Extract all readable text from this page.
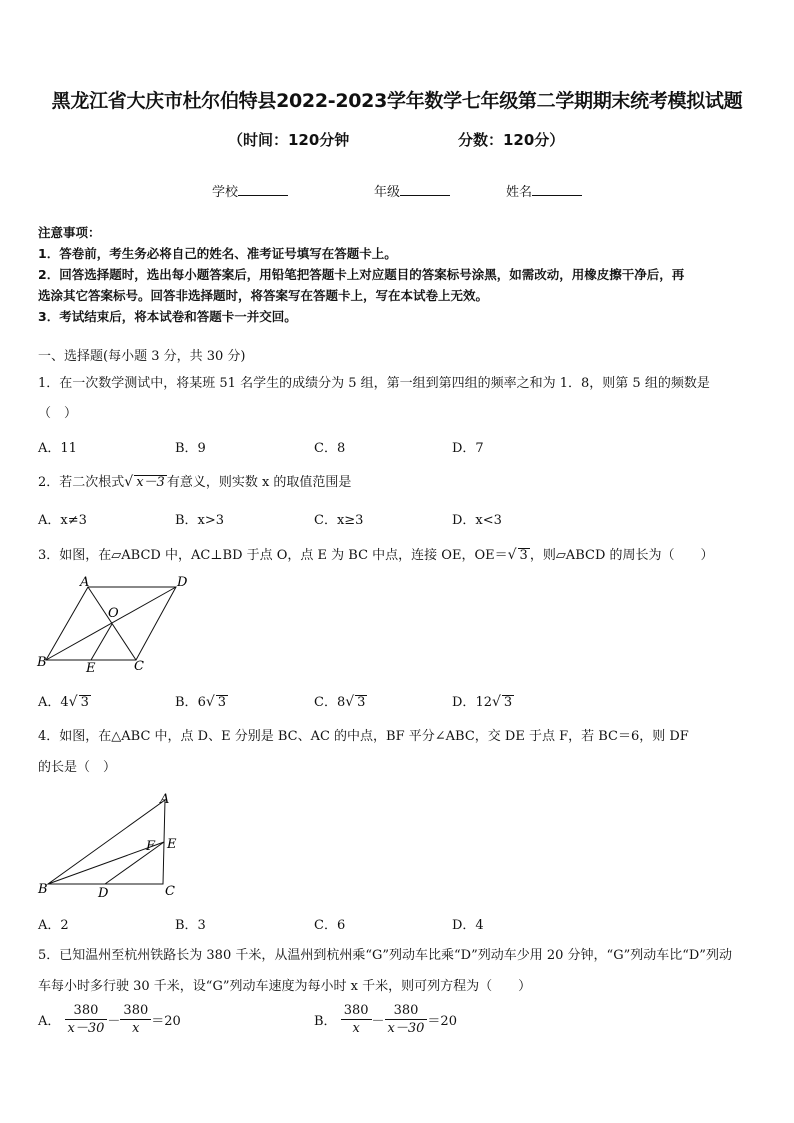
黑龙江省大庆市杜尔伯特县2022-2023学年数学七年级第二学期期末统考模拟试题
（时间：120分钟	分数：120分）
学校	年级	姓名
注意事项：
1．答卷前，考生务必将自己的姓名、准考证号填写在答题卡上。
2．回答选择题时，选出每小题答案后，用铅笔把答题卡上对应题目的答案标号涂黑，如需改动，用橡皮擦干净后，再
选涂其它答案标号。回答非选择题时，将答案写在答题卡上，写在本试卷上无效。
3．考试结束后，将本试卷和答题卡一并交回。
一、选择题(每小题 3 分，共 30 分)
1．在一次数学测试中，将某班 51 名学生的成绩分为 5 组，第一组到第四组的频率之和为 1．8，则第 5 组的频数是
（　）
A．11	B．9	C．8	D．7
2．若二次根式√ x－3 有意义，则实数 x 的取值范围是
A．x≠3	B．x>3	C．x≥3	D．x<3
3．如图，在▱ABCD 中，AC⊥BD 于点 O，点 E 为 BC 中点，连接 OE，OE＝√ 3 ，则▱ABCD 的周长为（　　）
A	D
O
B	E	C
A．4√ 3	B．6√ 3	C．8√ 3	D．12√ 3
4．如图，在△ABC 中，点 D、E 分别是 BC、AC 的中点，BF 平分∠ABC，交 DE 于点 F，若 BC＝6，则 DF
的长是（　）
A
F E
B	D	C
A．2	B．3	C．6	D．4
5．已知温州至杭州铁路长为 380 千米，从温州到杭州乘“G”列动车比乘“D”列动车少用 20 分钟，“G”列动车比“D”列动
车每小时多行驶 30 千米，设“G”列动车速度为每小时 x 千米，则可列方程为（　　）
A． $\frac{380}{x-30} - \frac{380}{x} =20$	B． $\frac{380}{x} - \frac{380}{x-30} =20$
